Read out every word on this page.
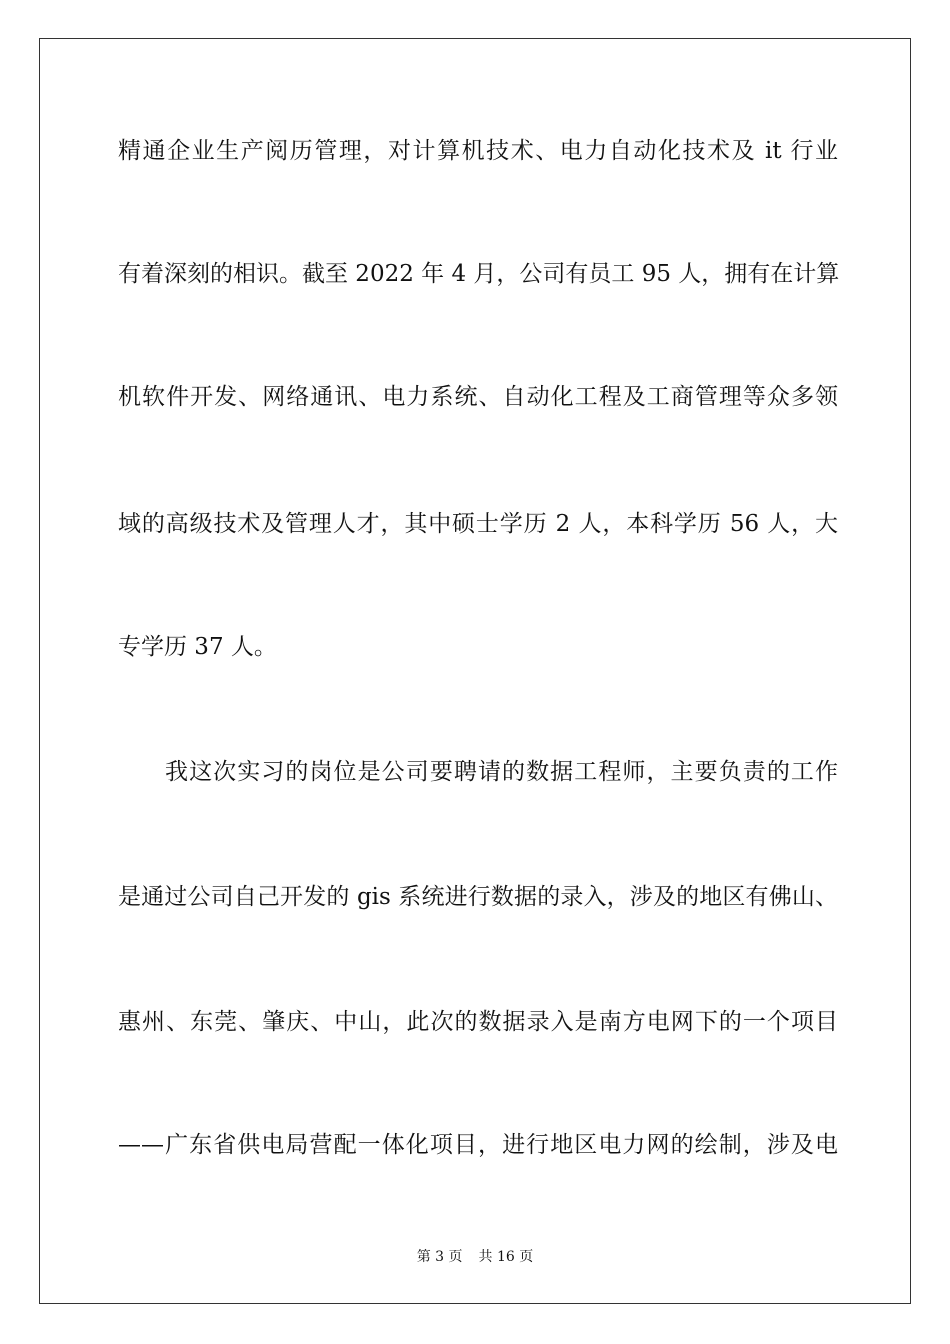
精通企业生产阅历管理，对计算机技术、电力自动化技术及 it 行业
有着深刻的相识。截至 2022 年 4 月，公司有员工 95 人，拥有在计算
机软件开发、网络通讯、电力系统、自动化工程及工商管理等众多领
域的高级技术及管理人才，其中硕士学历 2 人，本科学历 56 人，大
专学历 37 人。
我这次实习的岗位是公司要聘请的数据工程师，主要负责的工作
是通过公司自己开发的 gis 系统进行数据的录入，涉及的地区有佛山、
惠州、东莞、肇庆、中山，此次的数据录入是南方电网下的一个项目
——广东省供电局营配一体化项目，进行地区电力网的绘制，涉及电
第 3 页 共 16 页
